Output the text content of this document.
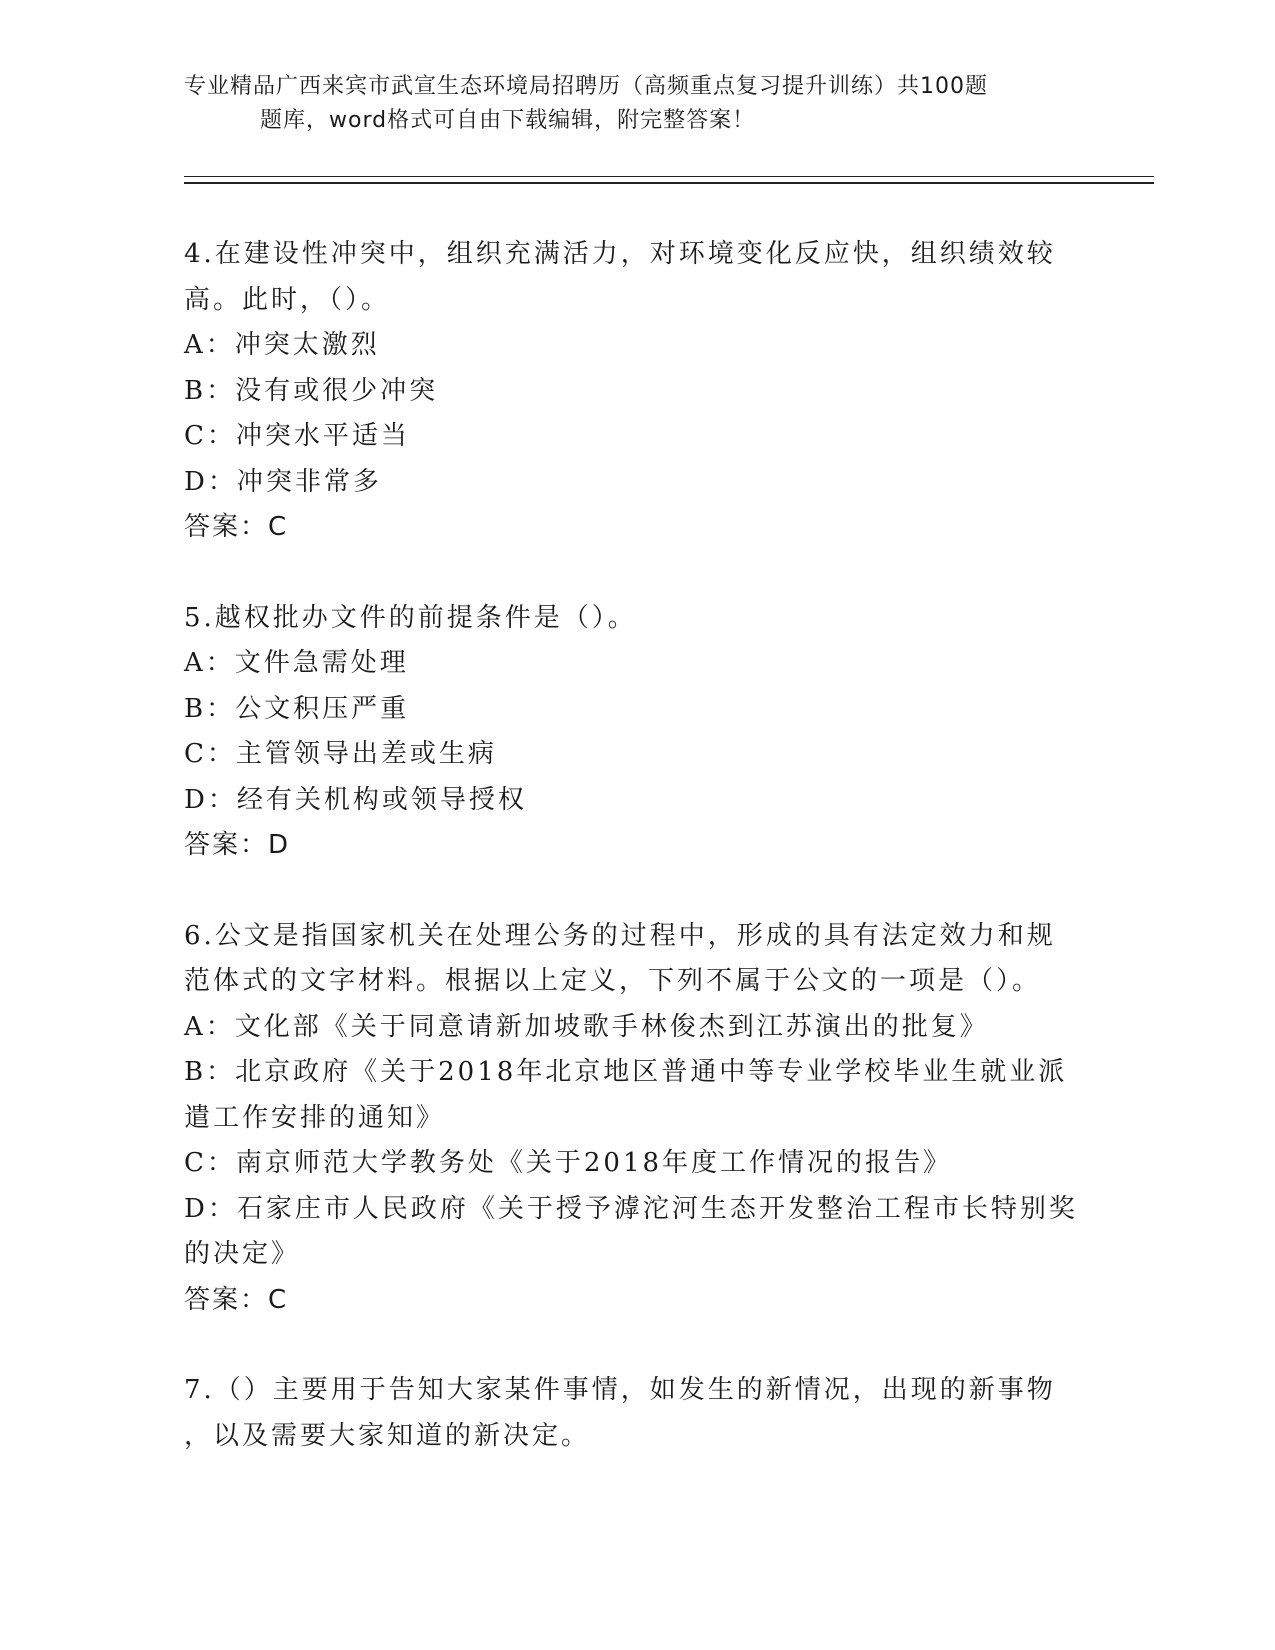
专业精品广西来宾市武宣生态环境局招聘历（高频重点复习提升训练）共100题
题库，word格式可自由下载编辑，附完整答案！
4.在建设性冲突中，组织充满活力，对环境变化反应快，组织绩效较
高。此时，（）。
A：冲突太激烈
B：没有或很少冲突
C：冲突水平适当
D：冲突非常多
答案：C
5.越权批办文件的前提条件是（）。
A：文件急需处理
B：公文积压严重
C：主管领导出差或生病
D：经有关机构或领导授权
答案：D
6.公文是指国家机关在处理公务的过程中，形成的具有法定效力和规
范体式的文字材料。根据以上定义，下列不属于公文的一项是（）。
A：文化部《关于同意请新加坡歌手林俊杰到江苏演出的批复》
B：北京政府《关于2018年北京地区普通中等专业学校毕业生就业派
遣工作安排的通知》
C：南京师范大学教务处《关于2018年度工作情况的报告》
D：石家庄市人民政府《关于授予滹沱河生态开发整治工程市长特别奖
的决定》
答案：C
7.（）主要用于告知大家某件事情，如发生的新情况，出现的新事物
，以及需要大家知道的新决定。
